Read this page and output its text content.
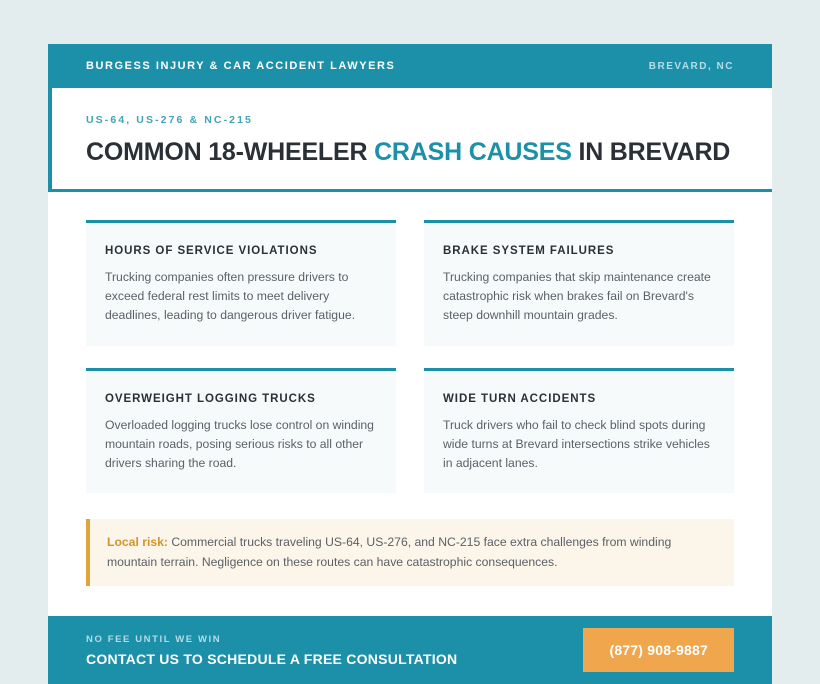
BURGESS INJURY & CAR ACCIDENT LAWYERS	BREVARD, NC
US-64, US-276 & NC-215
COMMON 18-WHEELER CRASH CAUSES IN BREVARD
HOURS OF SERVICE VIOLATIONS
Trucking companies often pressure drivers to exceed federal rest limits to meet delivery deadlines, leading to dangerous driver fatigue.
BRAKE SYSTEM FAILURES
Trucking companies that skip maintenance create catastrophic risk when brakes fail on Brevard's steep downhill mountain grades.
OVERWEIGHT LOGGING TRUCKS
Overloaded logging trucks lose control on winding mountain roads, posing serious risks to all other drivers sharing the road.
WIDE TURN ACCIDENTS
Truck drivers who fail to check blind spots during wide turns at Brevard intersections strike vehicles in adjacent lanes.

Local risk: Commercial trucks traveling US-64, US-276, and NC-215 face extra challenges from winding mountain terrain. Negligence on these routes can have catastrophic consequences.

NO FEE UNTIL WE WIN
CONTACT US TO SCHEDULE A FREE CONSULTATION
(877) 908-9887
